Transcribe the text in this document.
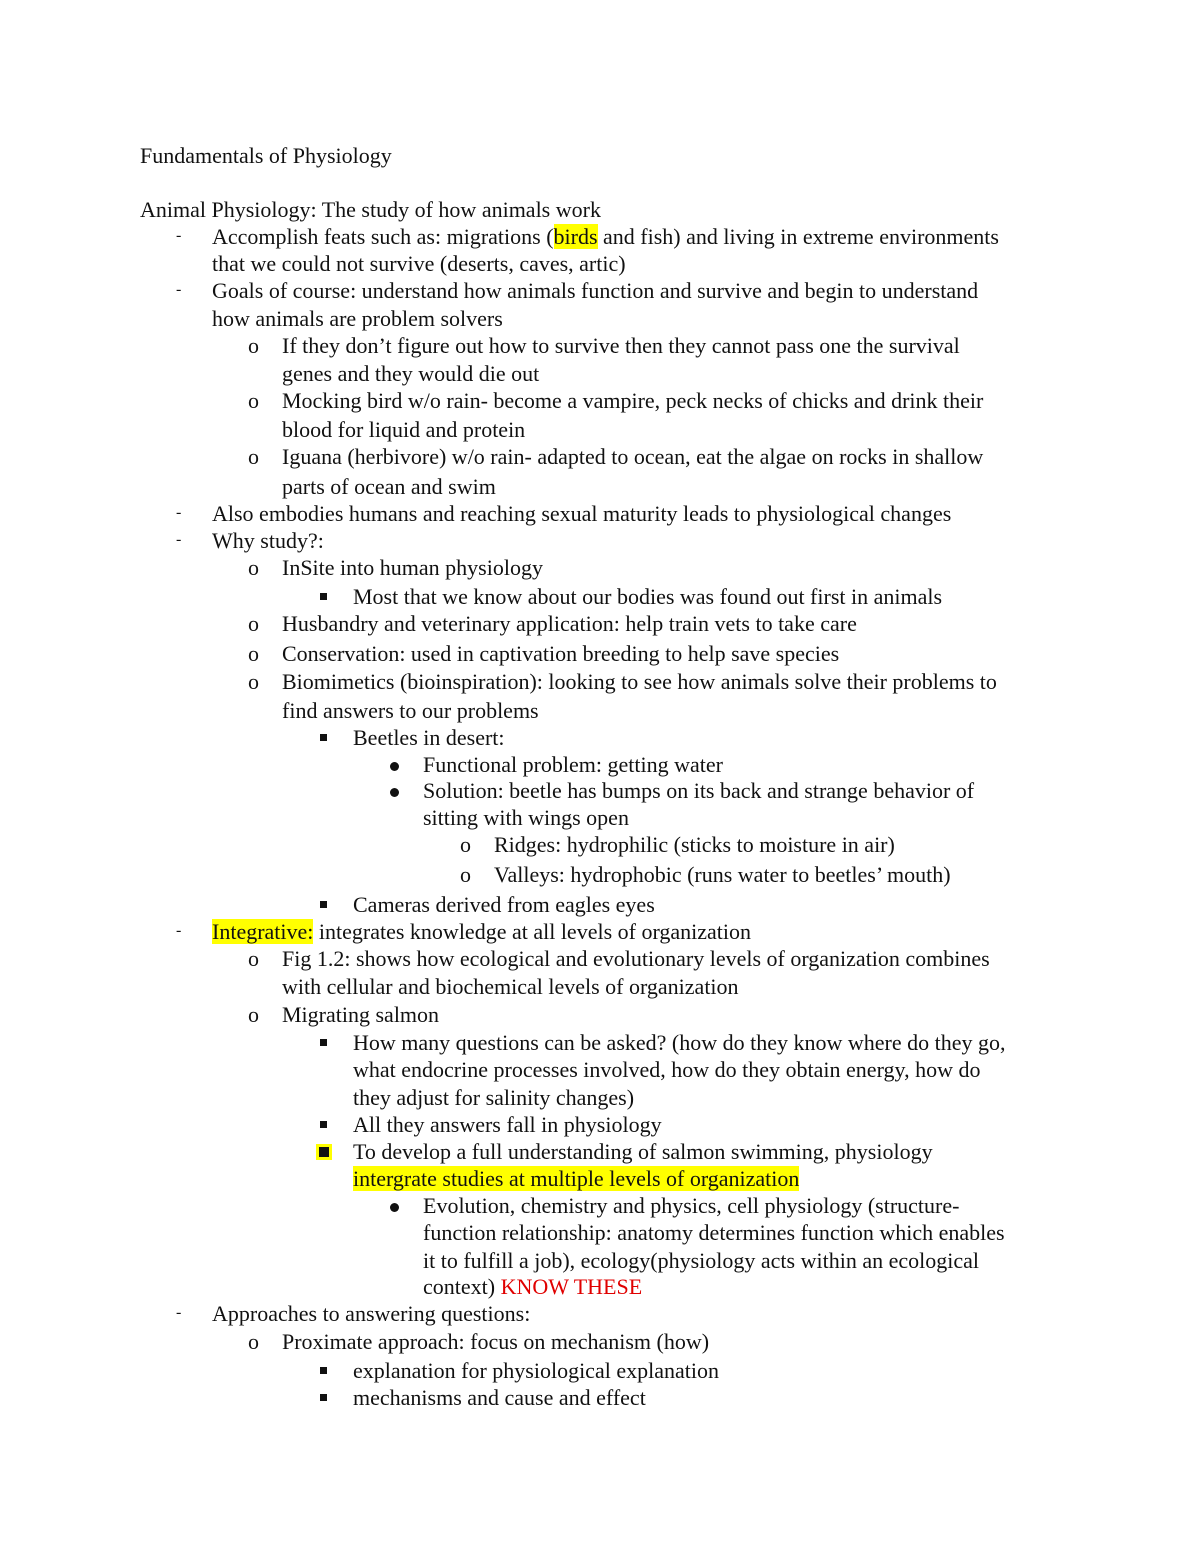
Fundamentals of Physiology
Animal Physiology: The study of how animals work
- Accomplish feats such as: migrations (birds and fish) and living in extreme environments
that we could not survive (deserts, caves, artic)
- Goals of course: understand how animals function and survive and begin to understand
how animals are problem solvers
o If they don’t figure out how to survive then they cannot pass one the survival
genes and they would die out
o Mocking bird w/o rain- become a vampire, peck necks of chicks and drink their
blood for liquid and protein
o Iguana (herbivore) w/o rain- adapted to ocean, eat the algae on rocks in shallow
parts of ocean and swim
- Also embodies humans and reaching sexual maturity leads to physiological changes
- Why study?:
o InSite into human physiology
Most that we know about our bodies was found out first in animals
o Husbandry and veterinary application: help train vets to take care
o Conservation: used in captivation breeding to help save species
o Biomimetics (bioinspiration): looking to see how animals solve their problems to
find answers to our problems
Beetles in desert:
Functional problem: getting water
Solution: beetle has bumps on its back and strange behavior of
sitting with wings open
o Ridges: hydrophilic (sticks to moisture in air)
o Valleys: hydrophobic (runs water to beetles’ mouth)
Cameras derived from eagles eyes
- Integrative: integrates knowledge at all levels of organization
o Fig 1.2: shows how ecological and evolutionary levels of organization combines
with cellular and biochemical levels of organization
o Migrating salmon
How many questions can be asked? (how do they know where do they go,
what endocrine processes involved, how do they obtain energy, how do
they adjust for salinity changes)
All they answers fall in physiology
To develop a full understanding of salmon swimming, physiology
intergrate studies at multiple levels of organization
Evolution, chemistry and physics, cell physiology (structure-
function relationship: anatomy determines function which enables
it to fulfill a job), ecology(physiology acts within an ecological
context) KNOW THESE
- Approaches to answering questions:
o Proximate approach: focus on mechanism (how)
explanation for physiological explanation
mechanisms and cause and effect
